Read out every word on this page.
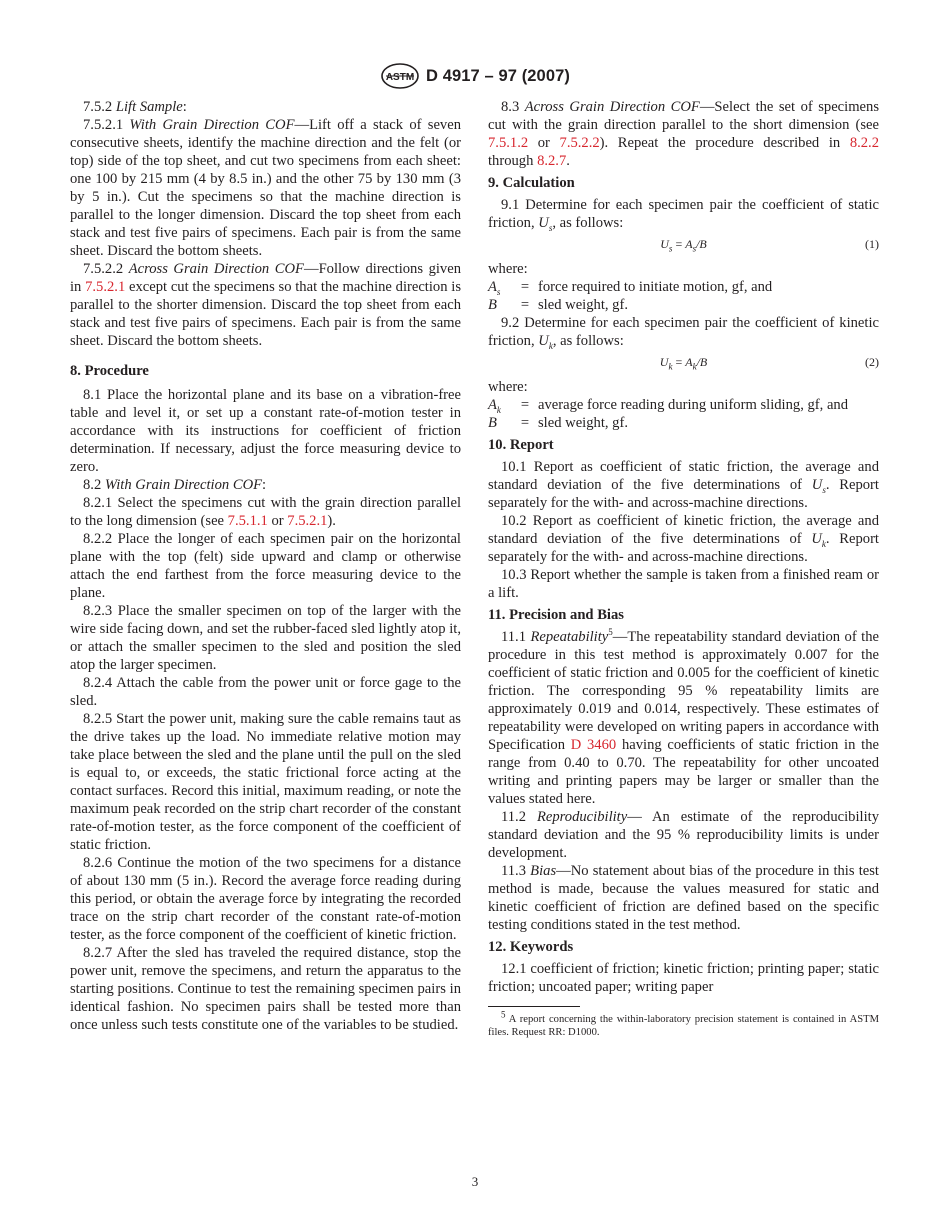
ASTM D 4917 – 97 (2007)

7.5.2 Lift Sample:

7.5.2.1 With Grain Direction COF—Lift off a stack of seven consecutive sheets, identify the machine direction and the felt (or top) side of the top sheet, and cut two specimens from each sheet: one 100 by 215 mm (4 by 8.5 in.) and the other 75 by 130 mm (3 by 5 in.). Cut the specimens so that the machine direction is parallel to the longer dimension. Discard the top sheet from each stack and test five pairs of specimens. Each pair is from the same sheet. Discard the bottom sheets.

7.5.2.2 Across Grain Direction COF—Follow directions given in 7.5.2.1 except cut the specimens so that the machine direction is parallel to the shorter dimension. Discard the top sheet from each stack and test five pairs of specimens. Each pair is from the same sheet. Discard the bottom sheets.

8. Procedure

8.1 Place the horizontal plane and its base on a vibration-free table and level it, or set up a constant rate-of-motion tester in accordance with its instructions for coefficient of friction determination. If necessary, adjust the force measuring device to zero.

8.2 With Grain Direction COF:

8.2.1 Select the specimens cut with the grain direction parallel to the long dimension (see 7.5.1.1 or 7.5.2.1).

8.2.2 Place the longer of each specimen pair on the horizontal plane with the top (felt) side upward and clamp or otherwise attach the end farthest from the force measuring device to the plane.

8.2.3 Place the smaller specimen on top of the larger with the wire side facing down, and set the rubber-faced sled lightly atop it, or attach the smaller specimen to the sled and position the sled atop the larger specimen.

8.2.4 Attach the cable from the power unit or force gage to the sled.

8.2.5 Start the power unit, making sure the cable remains taut as the drive takes up the load. No immediate relative motion may take place between the sled and the plane until the pull on the sled is equal to, or exceeds, the static frictional force acting at the contact surfaces. Record this initial, maximum reading, or note the maximum peak recorded on the strip chart recorder of the constant rate-of-motion tester, as the force component of the coefficient of static friction.

8.2.6 Continue the motion of the two specimens for a distance of about 130 mm (5 in.). Record the average force reading during this period, or obtain the average force by integrating the recorded trace on the strip chart recorder of the constant rate-of-motion tester, as the force component of the coefficient of kinetic friction.

8.2.7 After the sled has traveled the required distance, stop the power unit, remove the specimens, and return the apparatus to the starting positions. Continue to test the remaining specimen pairs in identical fashion. No specimen pairs shall be tested more than once unless such tests constitute one of the variables to be studied.

8.3 Across Grain Direction COF—Select the set of specimens cut with the grain direction parallel to the short dimension (see 7.5.1.2 or 7.5.2.2). Repeat the procedure described in 8.2.2 through 8.2.7.

9. Calculation

9.1 Determine for each specimen pair the coefficient of static friction, $U_s$, as follows:

$U_s = A_s/B$	(1)

where:

$A_s$	= force required to initiate motion, gf, and
B	= sled weight, gf.

9.2 Determine for each specimen pair the coefficient of kinetic friction, $U_k$, as follows:

$U_k = A_k/B$	(2)

where:

$A_k$	= average force reading during uniform sliding, gf, and
B	= sled weight, gf.
10. Report

10.1 Report as coefficient of static friction, the average and standard deviation of the five determinations of $U_s$. Report separately for the with- and across-machine directions.

10.2 Report as coefficient of kinetic friction, the average and standard deviation of the five determinations of $U_k$. Report separately for the with- and across-machine directions.

10.3 Report whether the sample is taken from a finished ream or a lift.

11. Precision and Bias

11.1 Repeatability$^5$—The repeatability standard deviation of the procedure in this test method is approximately 0.007 for the coefficient of static friction and 0.005 for the coefficient of kinetic friction. The corresponding 95 % repeatability limits are approximately 0.019 and 0.014, respectively. These estimates of repeatability were developed on writing papers in accordance with Specification D 3460 having coefficients of static friction in the range from 0.40 to 0.70. The repeatability for other uncoated writing and printing papers may be larger or smaller than the values stated here.

11.2 Reproducibility— An estimate of the reproducibility standard deviation and the 95 % reproducibility limits is under development.

11.3 Bias—No statement about bias of the procedure in this test method is made, because the values measured for static and kinetic coefficient of friction are defined based on the specific testing conditions stated in the test method.

12. Keywords

12.1 coefficient of friction; kinetic friction; printing paper; static friction; uncoated paper; writing paper

$^5$ A report concerning the within-laboratory precision statement is contained in ASTM files. Request RR: D1000.

3
